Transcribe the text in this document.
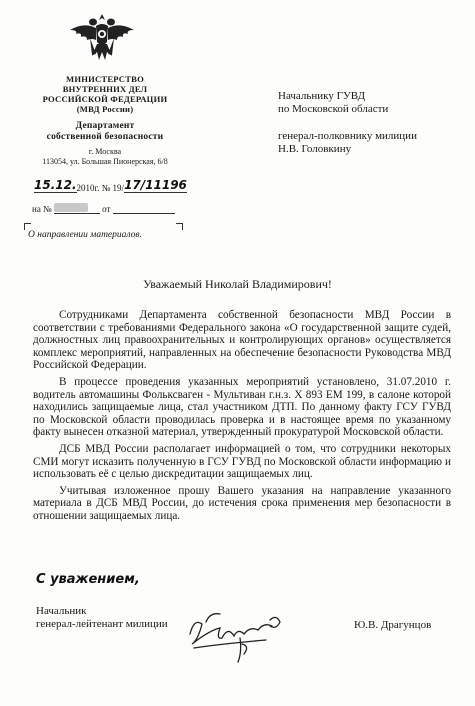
МИНИСТЕРСТВО
ВНУТРЕННИХ ДЕЛ
РОССИЙСКОЙ ФЕДЕРАЦИИ
(МВД России)
Департамент
собственной безопасности
г. Москва
113054, ул. Большая Пионерская, 6/8
15.12.2010г. № 19/17/11196
на №	от
О направлении материалов.
Начальнику ГУВД
по Московской области
генерал-полковнику милиции
Н.В. Головкину
Уважаемый Николай Владимирович!

Сотрудниками Департамента собственной безопасности МВД России в соответствии с требованиями Федерального закона «О государственной защите судей, должностных лиц правоохранительных и контролирующих органов» осуществляется комплекс мероприятий, направленных на обеспечение безопасности Руководства МВД Российской Федерации.

В процессе проведения указанных мероприятий установлено, 31.07.2010 г. водитель автомашины Фольксваген - Мультиван г.н.з. Х 893 ЕМ 199, в салоне которой находились защищаемые лица, стал участником ДТП. По данному факту ГСУ ГУВД по Московской области проводилась проверка и в настоящее время по указанному факту вынесен отказной материал, утвержденный прокуратурой Московской области.

ДСБ МВД России располагает информацией о том, что сотрудники некоторых СМИ могут исказить полученную в ГСУ ГУВД по Московской области информацию и использовать её с целью дискредитации защищаемых лиц.

Учитывая изложенное прошу Вашего указания на направление указанного материала в ДСБ МВД России, до истечения срока применения мер безопасности в отношении защищаемых лица.

С уважением,
Начальник
генерал-лейтенант милиции	Ю.В. Драгунцов
